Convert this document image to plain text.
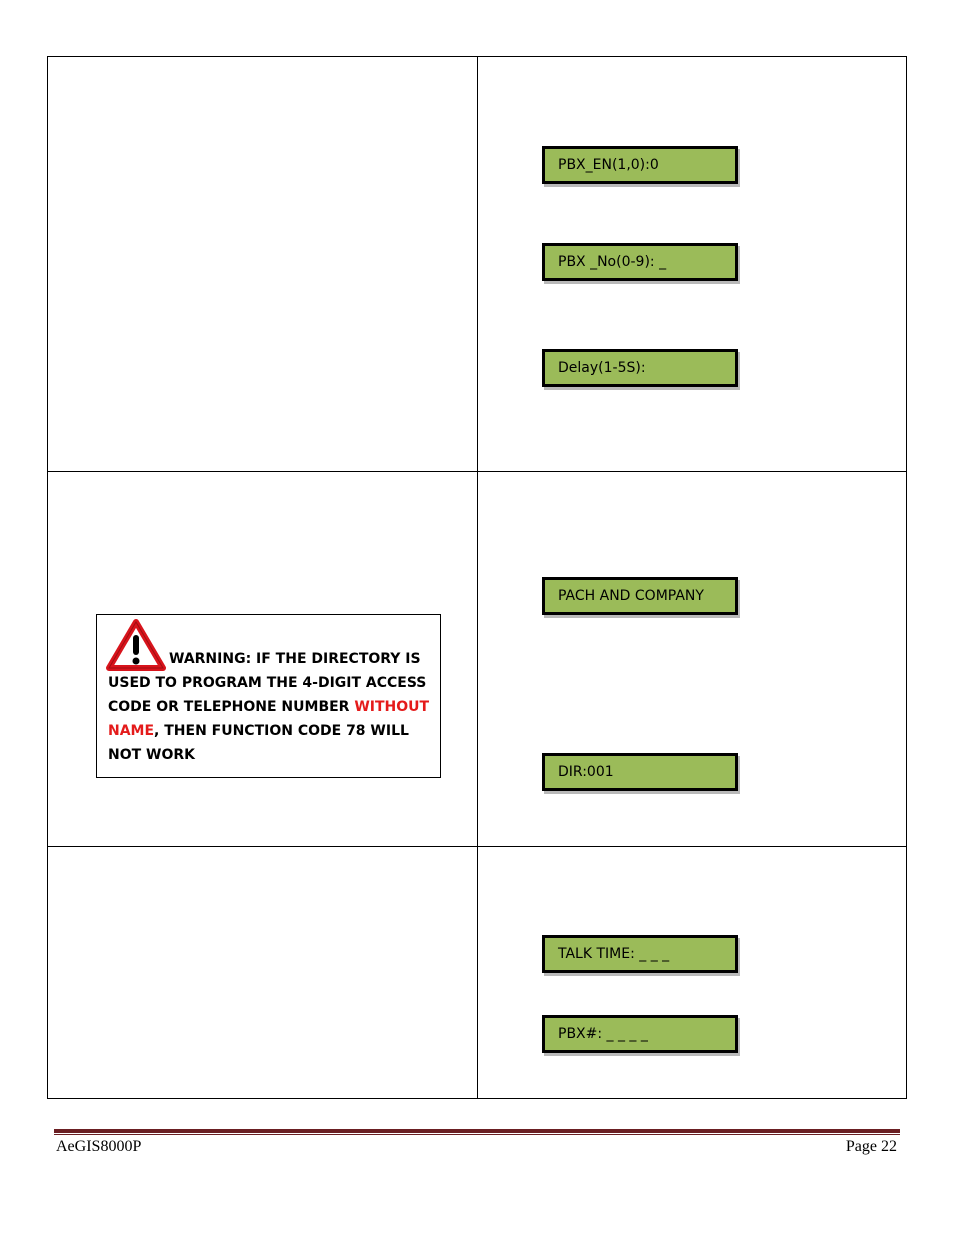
PBX_EN(1,0):0
PBX _No(0-9): _
Delay(1-5S):
PACH AND COMPANY
DIR:001
TALK TIME: _ _ _
PBX#: _ _ _ _
WARNING: IF THE DIRECTORY IS USED TO PROGRAM THE 4-DIGIT ACCESS CODE OR TELEPHONE NUMBER WITHOUT NAME, THEN FUNCTION CODE 78 WILL NOT WORK
AeGIS8000P	Page 22
